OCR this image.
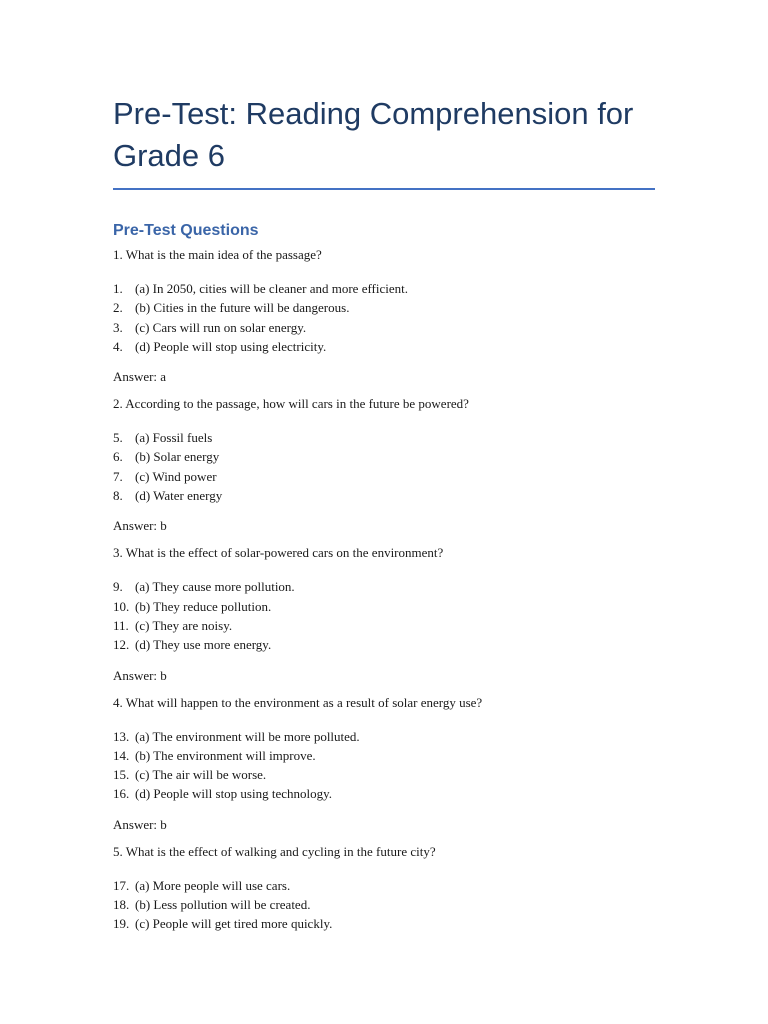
Pre-Test: Reading Comprehension for Grade 6
Pre-Test Questions

1. What is the main idea of the passage?

1. (a) In 2050, cities will be cleaner and more efficient.
2. (b) Cities in the future will be dangerous.
3. (c) Cars will run on solar energy.
4. (d) People will stop using electricity.

Answer: a

2. According to the passage, how will cars in the future be powered?

5. (a) Fossil fuels
6. (b) Solar energy
7. (c) Wind power
8. (d) Water energy

Answer: b

3. What is the effect of solar-powered cars on the environment?

9. (a) They cause more pollution.
10. (b) They reduce pollution.
11. (c) They are noisy.
12. (d) They use more energy.

Answer: b

4. What will happen to the environment as a result of solar energy use?

13. (a) The environment will be more polluted.
14. (b) The environment will improve.
15. (c) The air will be worse.
16. (d) People will stop using technology.

Answer: b

5. What is the effect of walking and cycling in the future city?

17. (a) More people will use cars.
18. (b) Less pollution will be created.
19. (c) People will get tired more quickly.
